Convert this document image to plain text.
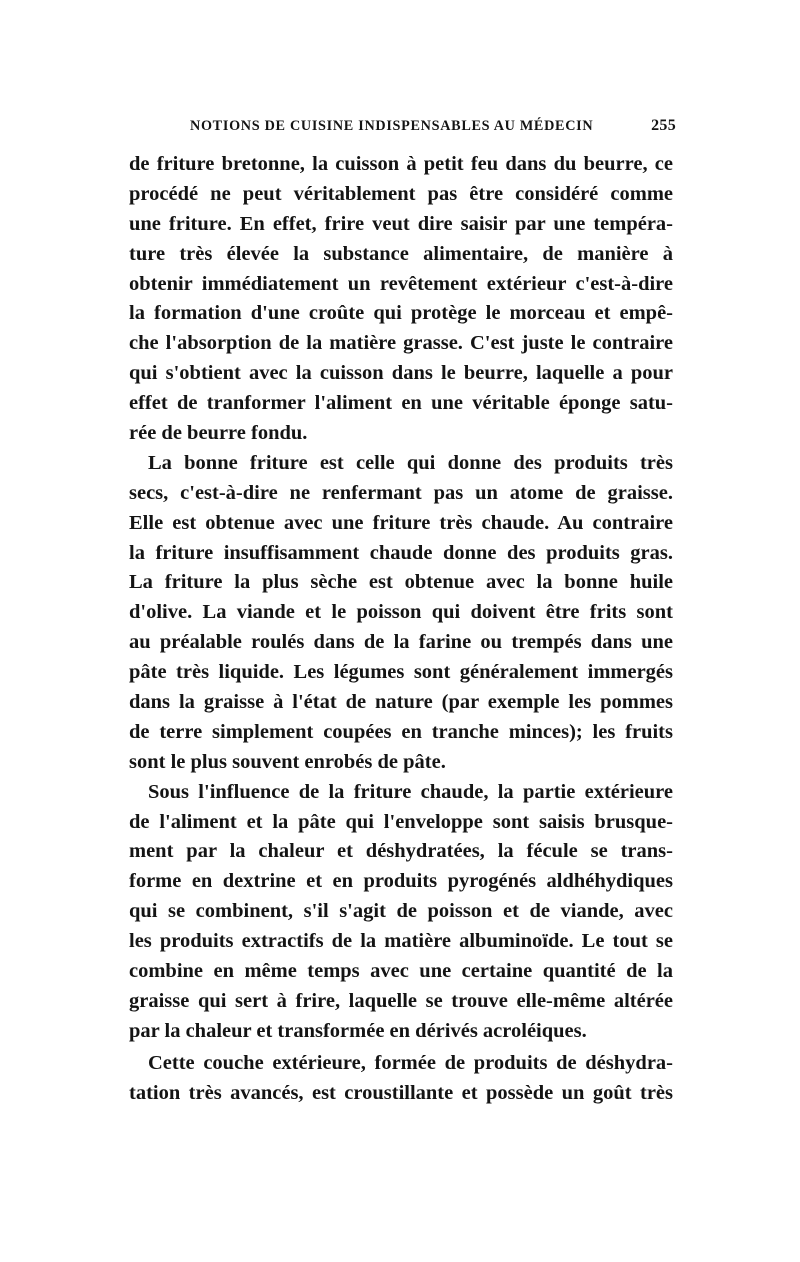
NOTIONS DE CUISINE INDISPENSABLES AU MÉDECIN	255
de friture bretonne, la cuisson à petit feu dans du beurre, ce
procédé ne peut véritablement pas être considéré comme
une friture. En effet, frire veut dire saisir par une tempéra-
ture très élevée la substance alimentaire, de manière à
obtenir immédiatement un revêtement extérieur c'est-à-dire
la formation d'une croûte qui protège le morceau et empê-
che l'absorption de la matière grasse. C'est juste le contraire
qui s'obtient avec la cuisson dans le beurre, laquelle a pour
effet de tranformer l'aliment en une véritable éponge satu-
rée de beurre fondu.
La bonne friture est celle qui donne des produits très
secs, c'est-à-dire ne renfermant pas un atome de graisse.
Elle est obtenue avec une friture très chaude. Au contraire
la friture insuffisamment chaude donne des produits gras.
La friture la plus sèche est obtenue avec la bonne huile
d'olive. La viande et le poisson qui doivent être frits sont
au préalable roulés dans de la farine ou trempés dans une
pâte très liquide. Les légumes sont généralement immergés
dans la graisse à l'état de nature (par exemple les pommes
de terre simplement coupées en tranche minces); les fruits
sont le plus souvent enrobés de pâte.
Sous l'influence de la friture chaude, la partie extérieure
de l'aliment et la pâte qui l'enveloppe sont saisis brusque-
ment par la chaleur et déshydratées, la fécule se trans-
forme en dextrine et en produits pyrogénés aldhéhydiques
qui se combinent, s'il s'agit de poisson et de viande, avec
les produits extractifs de la matière albuminoïde. Le tout se
combine en même temps avec une certaine quantité de la
graisse qui sert à frire, laquelle se trouve elle-même altérée
par la chaleur et transformée en dérivés acroléiques.
Cette couche extérieure, formée de produits de déshydra-
tation très avancés, est croustillante et possède un goût très
